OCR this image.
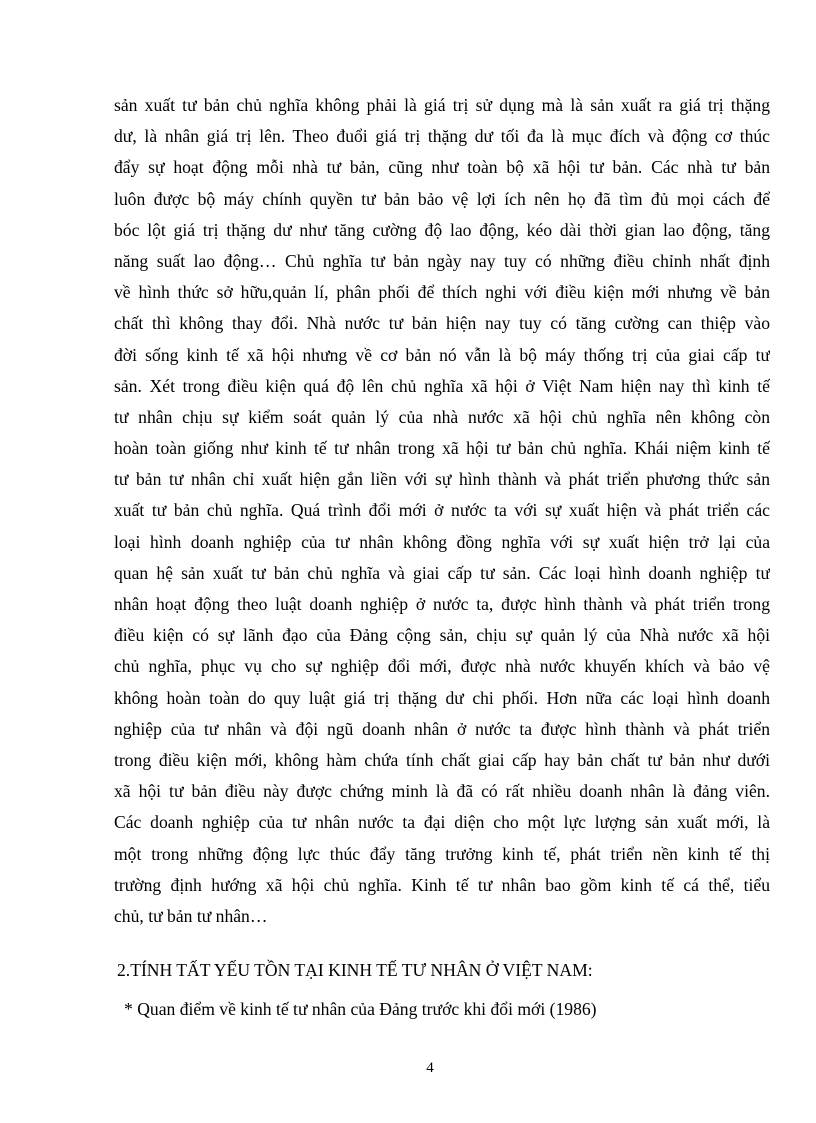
sản xuất tư bản chủ nghĩa không phải là giá trị sử dụng mà là sản xuất ra giá trị thặng
dư, là nhân giá trị lên. Theo đuổi giá trị thặng dư tối đa là mục đích và động cơ thúc
đẩy sự hoạt động mỗi nhà tư bản, cũng như toàn bộ xã hội tư bản. Các nhà tư bản
luôn được bộ máy chính quyền tư bản bảo vệ lợi ích nên họ đã tìm đủ mọi cách để
bóc lột giá trị thặng dư như tăng cường độ lao động, kéo dài thời gian lao động, tăng
năng suất lao động… Chủ nghĩa tư bản ngày nay tuy có những điều chỉnh nhất định
về hình thức sở hữu,quản lí, phân phối để thích nghi với điều kiện mới nhưng về bản
chất thì không thay đổi. Nhà nước tư bản hiện nay tuy có tăng cường can thiệp vào
đời sống kinh tế xã hội nhưng về cơ bản nó vẫn là bộ máy thống trị của giai cấp tư
sản. Xét trong điều kiện quá độ lên chủ nghĩa xã hội ở Việt Nam hiện nay thì kinh tế
tư nhân chịu sự kiểm soát quản lý của nhà nước xã hội chủ nghĩa nên không còn
hoàn toàn giống như kinh tế tư nhân trong xã hội tư bản chủ nghĩa. Khái niệm kinh tế
tư bản tư nhân chỉ xuất hiện gắn liền với sự hình thành và phát triển phương thức sản
xuất tư bản chủ nghĩa. Quá trình đổi mới ở nước ta với sự xuất hiện và phát triển các
loại hình doanh nghiệp của tư nhân không đồng nghĩa với sự xuất hiện trở lại của
quan hệ sản xuất tư bản chủ nghĩa và giai cấp tư sản. Các loại hình doanh nghiệp tư
nhân hoạt động theo luật doanh nghiệp ở nước ta, được hình thành và phát triển trong
điều kiện có sự lãnh đạo của Đảng cộng sản, chịu sự quản lý của Nhà nước xã hội
chủ nghĩa, phục vụ cho sự nghiệp đổi mới, được nhà nước khuyến khích và bảo vệ
không hoàn toàn do quy luật giá trị thặng dư chi phối. Hơn nữa các loại hình doanh
nghiệp của tư nhân và đội ngũ doanh nhân ở nước ta được hình thành và phát triển
trong điều kiện mới, không hàm chứa tính chất giai cấp hay bản chất tư bản như dưới
xã hội tư bản điều này được chứng minh là đã có rất nhiều doanh nhân là đảng viên.
Các doanh nghiệp của tư nhân nước ta đại diện cho một lực lượng sản xuất mới, là
một trong những động lực thúc đẩy tăng trưởng kinh tế, phát triển nền kinh tế thị
trường định hướng xã hội chủ nghĩa. Kinh tế tư nhân bao gồm kinh tế cá thể, tiểu
chủ, tư bản tư nhân…
2.TÍNH TẤT YẾU TỒN TẠI KINH TẾ TƯ NHÂN Ở VIỆT NAM:
* Quan điểm về kinh tế tư nhân của Đảng trước khi đổi mới (1986)
4
